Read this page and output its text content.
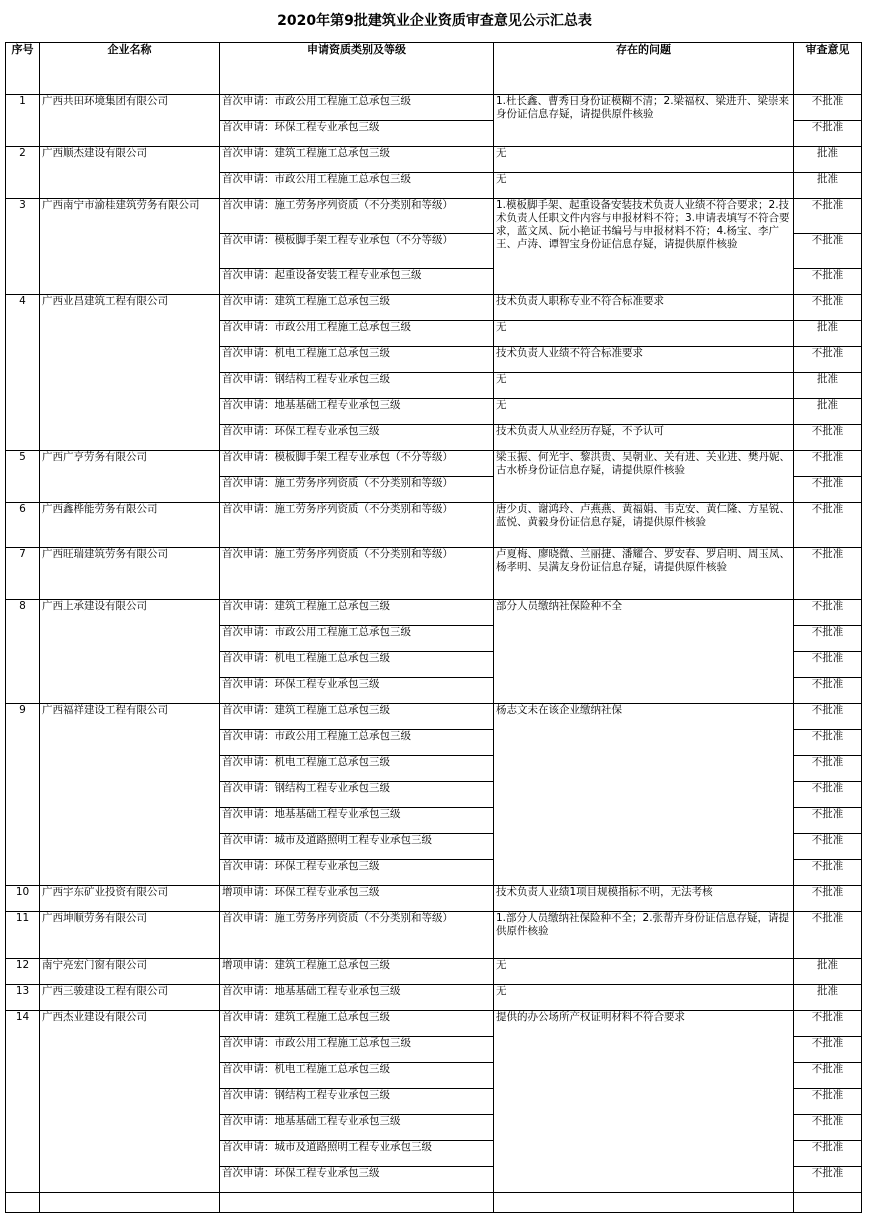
2020年第9批建筑业企业资质审查意见公示汇总表
序号	企业名称	申请资质类别及等级	存在的问题	审查意见
1	广西共田环境集团有限公司	首次申请：市政公用工程施工总承包三级	1.杜长鑫、曹秀日身份证模糊不清；2.梁福权、梁进升、梁崇来身份证信息存疑，请提供原件核验	不批准
		首次申请：环保工程专业承包三级		不批准
2	广西顺杰建设有限公司	首次申请：建筑工程施工总承包三级	无	批准
		首次申请：市政公用工程施工总承包三级	无	批准
3	广西南宁市渝桂建筑劳务有限公司	首次申请：施工劳务序列资质（不分类别和等级）	1.模板脚手架、起重设备安装技术负责人业绩不符合要求；2.技术负责人任职文件内容与申报材料不符；3.申请表填写不符合要求，蓝文凤、阮小艳证书编号与申报材料不符；4.杨宝、李广王、卢涛、谭智宝身份证信息存疑，请提供原件核验	不批准
		首次申请：模板脚手架工程专业承包（不分等级）		不批准
		首次申请：起重设备安装工程专业承包三级		不批准
4	广西业昌建筑工程有限公司	首次申请：建筑工程施工总承包三级	技术负责人职称专业不符合标准要求	不批准
		首次申请：市政公用工程施工总承包三级	无	批准
		首次申请：机电工程施工总承包三级	技术负责人业绩不符合标准要求	不批准
		首次申请：钢结构工程专业承包三级	无	批准
		首次申请：地基基础工程专业承包三级	无	批准
		首次申请：环保工程专业承包三级	技术负责人从业经历存疑，不予认可	不批准
5	广西广亨劳务有限公司	首次申请：模板脚手架工程专业承包（不分等级）	梁玉振、何光宇、黎洪贵、吴朝业、关有进、关业进、樊丹妮、古水桥身份证信息存疑，请提供原件核验	不批准
		首次申请：施工劳务序列资质（不分类别和等级）		不批准
6	广西鑫桦能劳务有限公司	首次申请：施工劳务序列资质（不分类别和等级）	唐少贞、谢鸿玲、卢燕燕、黄福娟、韦克安、黄仁隆、方星锐、蓝悦、黄毅身份证信息存疑，请提供原件核验	不批准
7	广西旺瑞建筑劳务有限公司	首次申请：施工劳务序列资质（不分类别和等级）	卢夏梅、廖晓微、兰丽捷、潘耀合、罗安春、罗启明、周玉凤、杨孝明、吴满友身份证信息存疑，请提供原件核验	不批准
8	广西上承建设有限公司	首次申请：建筑工程施工总承包三级	部分人员缴纳社保险种不全	不批准
		首次申请：市政公用工程施工总承包三级		不批准
		首次申请：机电工程施工总承包三级		不批准
		首次申请：环保工程专业承包三级		不批准
9	广西福祥建设工程有限公司	首次申请：建筑工程施工总承包三级	杨志文未在该企业缴纳社保	不批准
		首次申请：市政公用工程施工总承包三级		不批准
		首次申请：机电工程施工总承包三级		不批准
		首次申请：钢结构工程专业承包三级		不批准
		首次申请：地基基础工程专业承包三级		不批准
		首次申请：城市及道路照明工程专业承包三级		不批准
		首次申请：环保工程专业承包三级		不批准
10	广西宇东矿业投资有限公司	增项申请：环保工程专业承包三级	技术负责人业绩1项目规模指标不明，无法考核	不批准
11	广西坤顺劳务有限公司	首次申请：施工劳务序列资质（不分类别和等级）	1.部分人员缴纳社保险种不全；2.张帮卉身份证信息存疑，请提供原件核验	不批准
12	南宁亮宏门窗有限公司	增项申请：建筑工程施工总承包三级	无	批准
13	广西三骏建设工程有限公司	首次申请：地基基础工程专业承包三级	无	批准
14	广西杰业建设有限公司	首次申请：建筑工程施工总承包三级	提供的办公场所产权证明材料不符合要求	不批准
		首次申请：市政公用工程施工总承包三级		不批准
		首次申请：机电工程施工总承包三级		不批准
		首次申请：钢结构工程专业承包三级		不批准
		首次申请：地基基础工程专业承包三级		不批准
		首次申请：城市及道路照明工程专业承包三级		不批准
		首次申请：环保工程专业承包三级		不批准
